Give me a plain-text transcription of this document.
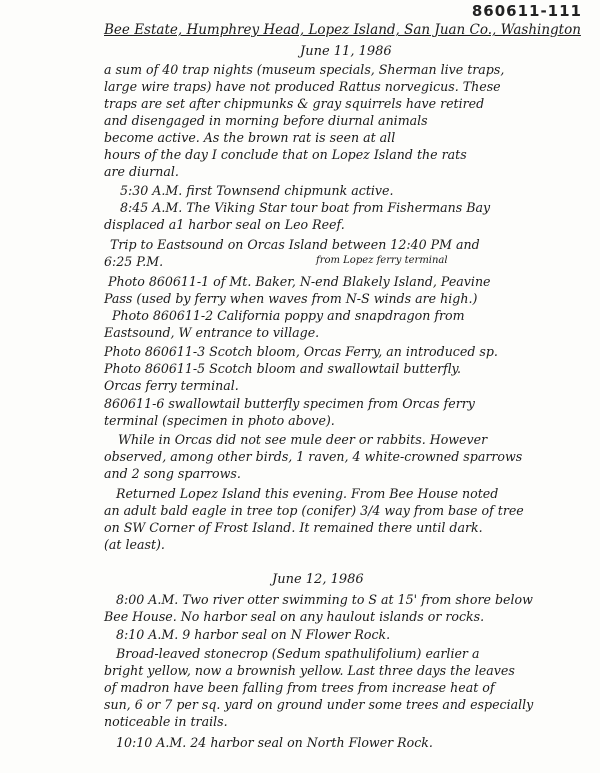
860611-111
Bee Estate, Humphrey Head, Lopez Island, San Juan Co., Washington
June 11, 1986
a sum of 40 trap nights (museum specials, Sherman live traps,
large wire traps) have not produced Rattus norvegicus. These
traps are set after chipmunks & gray squirrels have retired
and disengaged in morning before diurnal animals
become active. As the brown rat is seen at all
hours of the day I conclude that on Lopez Island the rats
are diurnal.
5:30 A.M. first Townsend chipmunk active.
8:45 A.M. The Viking Star tour boat from Fishermans Bay
displaced a1 harbor seal on Leo Reef.
Trip to Eastsound on Orcas Island between 12:40 PM and
6:25 P.M.
Photo 860611-1 of Mt. Baker, N-end Blakely Island, Peavine
Pass (used by ferry when waves from N-S winds are high.)
Photo 860611-2 California poppy and snapdragon from
Eastsound, W entrance to village.
Photo 860611-3 Scotch bloom, Orcas Ferry, an introduced sp.
Photo 860611-5 Scotch bloom and swallowtail butterfly.
Orcas ferry terminal.
860611-6 swallowtail butterfly specimen from Orcas ferry
terminal (specimen in photo above).
While in Orcas did not see mule deer or rabbits. However
observed, among other birds, 1 raven, 4 white-crowned sparrows
and 2 song sparrows.
Returned Lopez Island this evening. From Bee House noted
an adult bald eagle in tree top (conifer) 3/4 way from base of tree
on SW Corner of Frost Island. It remained there until dark.
(at least).
from Lopez ferry terminal
June 12, 1986
8:00 A.M. Two river otter swimming to S at 15' from shore below
Bee House. No harbor seal on any haulout islands or rocks.
8:10 A.M. 9 harbor seal on N Flower Rock.
Broad-leaved stonecrop (Sedum spathulifolium) earlier a
bright yellow, now a brownish yellow. Last three days the leaves
of madron have been falling from trees from increase heat of
sun, 6 or 7 per sq. yard on ground under some trees and especially
noticeable in trails.
10:10 A.M. 24 harbor seal on North Flower Rock.
